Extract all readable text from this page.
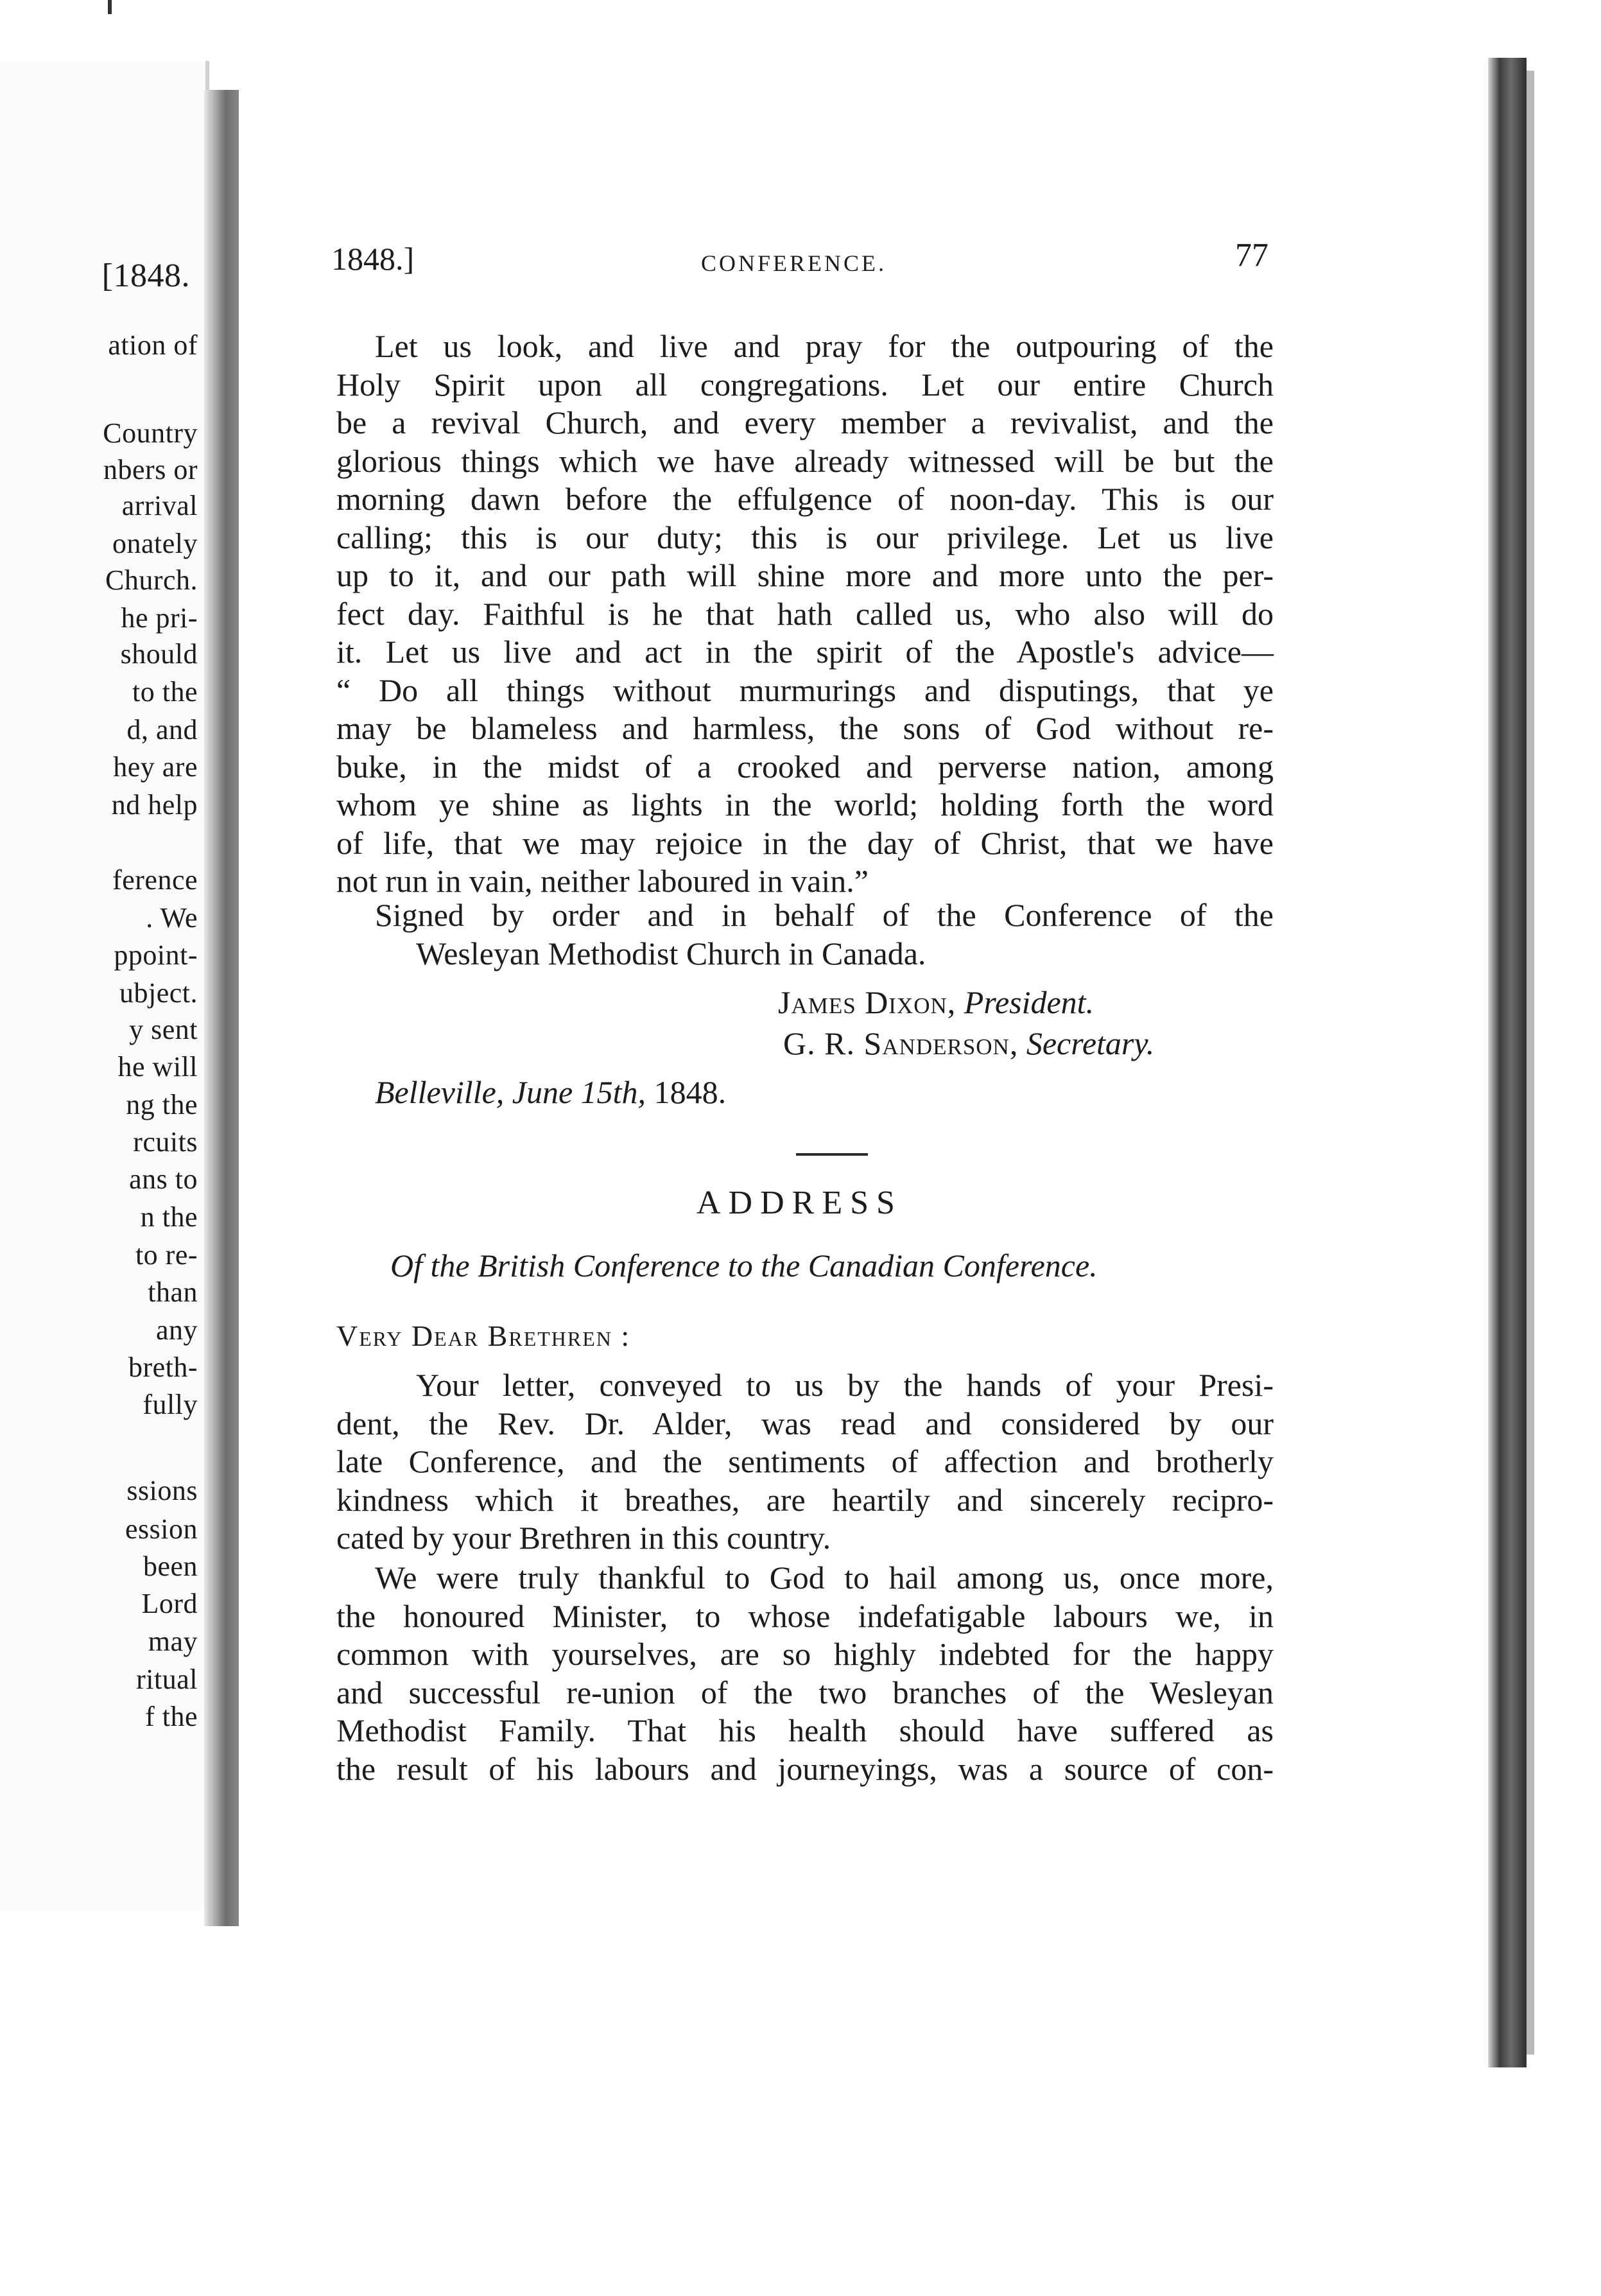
[1848.
ation of
Country
nbers or
arrival
onately
Church.
he pri-
should
to the
d, and
hey are
nd help
ference
. We
ppoint-
ubject.
y sent
he will
ng the
rcuits
ans to
n the
to re-
than
any
breth-
fully
ssions
ession
been
Lord
may
ritual
f the
1848.]	CONFERENCE.	77
Let us look, and live and pray for the outpouring of the
Holy Spirit upon all congregations. Let our entire Church
be a revival Church, and every member a revivalist, and the
glorious things which we have already witnessed will be but the
morning dawn before the effulgence of noon-day. This is our
calling; this is our duty; this is our privilege. Let us live
up to it, and our path will shine more and more unto the per-
fect day. Faithful is he that hath called us, who also will do
it. Let us live and act in the spirit of the Apostle's advice—
“ Do all things without murmurings and disputings, that ye
may be blameless and harmless, the sons of God without re-
buke, in the midst of a crooked and perverse nation, among
whom ye shine as lights in the world; holding forth the word
of life, that we may rejoice in the day of Christ, that we have
not run in vain, neither laboured in vain.”
Signed by order and in behalf of the Conference of the
Wesleyan Methodist Church in Canada.
James Dixon, President.
G. R. Sanderson, Secretary.
Belleville, June 15th, 1848.
ADDRESS
Of the British Conference to the Canadian Conference.
Very Dear Brethren :
Your letter, conveyed to us by the hands of your Presi-
dent, the Rev. Dr. Alder, was read and considered by our
late Conference, and the sentiments of affection and brotherly
kindness which it breathes, are heartily and sincerely recipro-
cated by your Brethren in this country.
We were truly thankful to God to hail among us, once more,
the honoured Minister, to whose indefatigable labours we, in
common with yourselves, are so highly indebted for the happy
and successful re-union of the two branches of the Wesleyan
Methodist Family. That his health should have suffered as
the result of his labours and journeyings, was a source of con-
